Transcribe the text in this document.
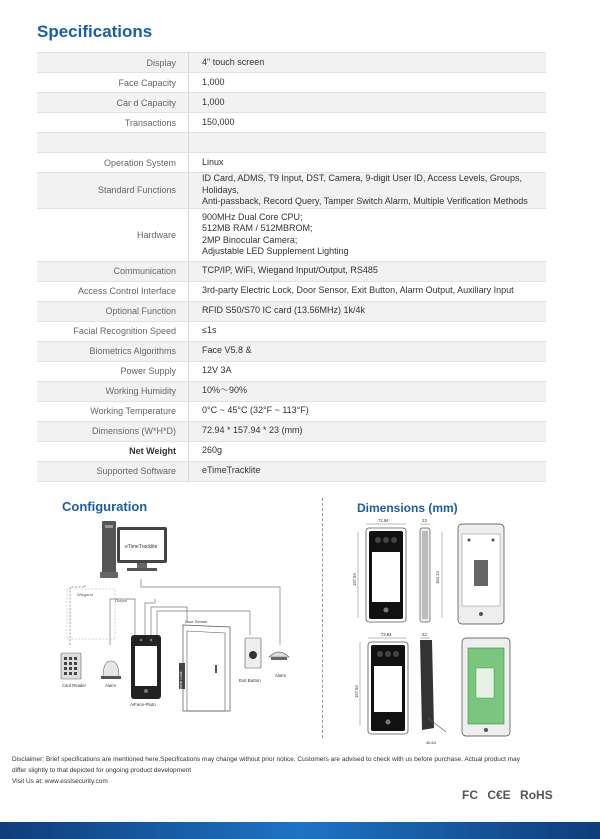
Specifications
Display	4" touch screen
Face Capacity	1,000
Car d Capacity	1,000
Transactions	150,000

Operation System	Linux
Standard Functions	ID Card, ADMS, T9 Input, DST, Camera, 9-digit User ID, Access Levels, Groups, Holidays,
Anti-passback, Record Query, Tamper Switch Alarm, Multiple Verification Methods
Hardware	900MHz Dual Core CPU;
512MB RAM / 512MBROM;
2MP Binocular Camera;
Adjustable LED Supplement Lighting
Communication	TCP/IP, WiFi, Wiegand Input/Output, RS485
Access Control Interface	3rd-party Electric Lock, Door Sensor, Exit Button, Alarm Output, Auxiliary Input
Optional Function	RFID S50/S70 IC card (13.56MHz) 1k/4k
Facial Recognition Speed	≤1s
Biometrics Algorithms	Face V5.8 &
Power Supply	12V 3A
Working Humidity	10%～90%
Working Temperature	0°C ~ 45°C (32°F ~ 113°F)
Dimensions (W*H*D)	72.94 * 157.94 * 23 (mm)
Net Weight	260g
Supported Software	eTimeTracklite
Configuration	Dimensions (mm)
eTimeTracklite
Wiegand
Output
Door Sensor
Card Reader	Alarm
AiFace-Pluto
Electric Lock	Exit Button
Alarm
72.94	23
157.94	164.14
72.94	23
157.94
46.64
Disclaimer: Brief specifications are mentioned here.Specifications may change without prior notice. Customers are advised to check with us before purchase. Actual product may
differ slightly to that depicted for ongoing product development
Visit Us at: www.esslsecurity.com
FC C€E RoHS
